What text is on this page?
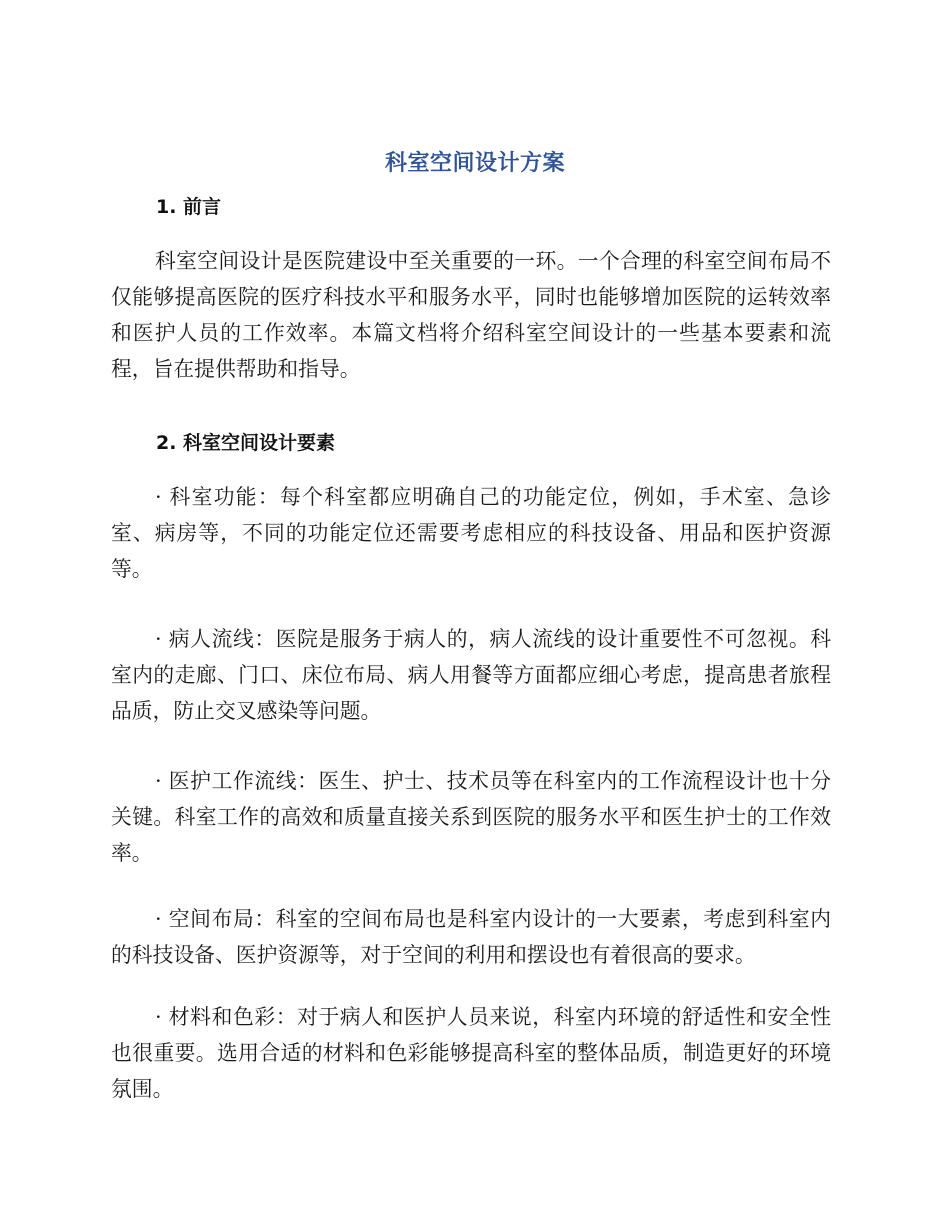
科室空间设计方案
1. 前言

科室空间设计是医院建设中至关重要的一环。一个合理的科室空间布局不仅能够提高医院的医疗科技水平和服务水平，同时也能够增加医院的运转效率和医护人员的工作效率。本篇文档将介绍科室空间设计的一些基本要素和流程，旨在提供帮助和指导。

2. 科室空间设计要素

· 科室功能：每个科室都应明确自己的功能定位，例如，手术室、急诊室、病房等，不同的功能定位还需要考虑相应的科技设备、用品和医护资源等。

· 病人流线：医院是服务于病人的，病人流线的设计重要性不可忽视。科室内的走廊、门口、床位布局、病人用餐等方面都应细心考虑，提高患者旅程品质，防止交叉感染等问题。

· 医护工作流线：医生、护士、技术员等在科室内的工作流程设计也十分关键。科室工作的高效和质量直接关系到医院的服务水平和医生护士的工作效率。

· 空间布局：科室的空间布局也是科室内设计的一大要素，考虑到科室内的科技设备、医护资源等，对于空间的利用和摆设也有着很高的要求。

· 材料和色彩：对于病人和医护人员来说，科室内环境的舒适性和安全性也很重要。选用合适的材料和色彩能够提高科室的整体品质，制造更好的环境氛围。
